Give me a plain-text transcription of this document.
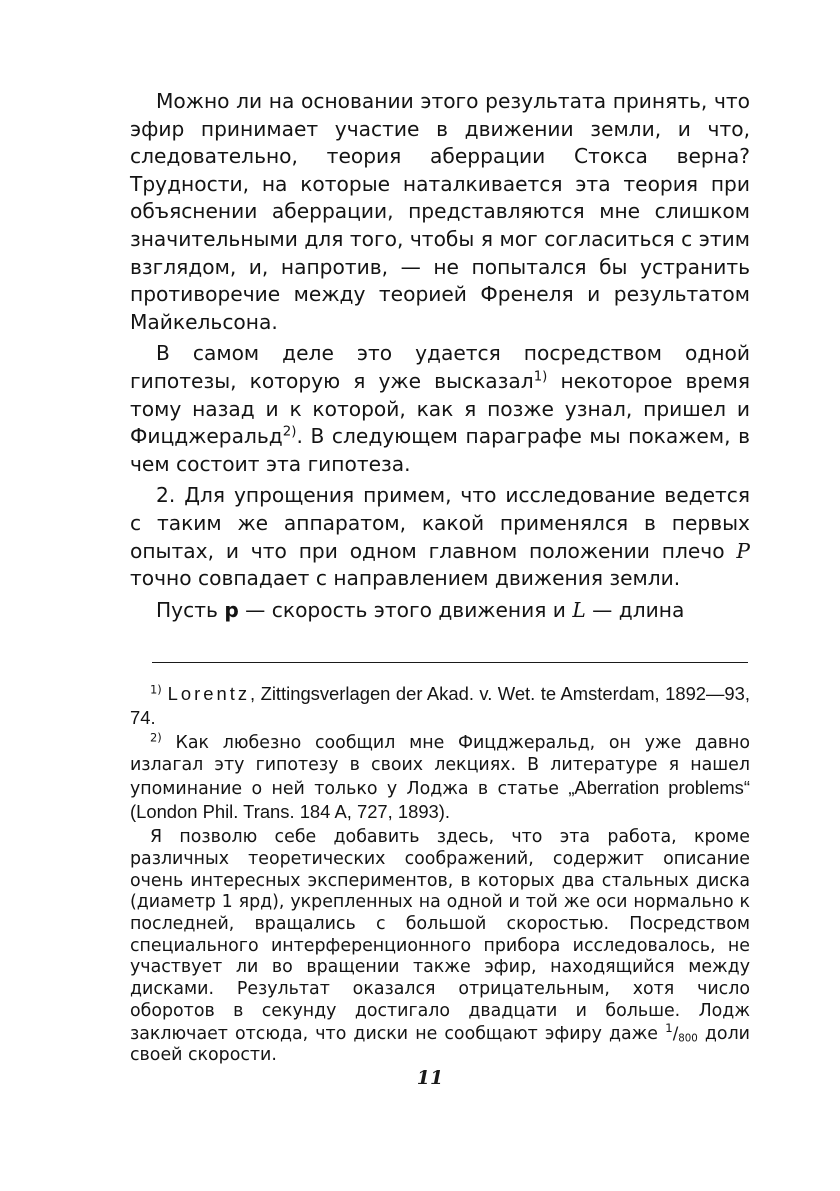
Можно ли на основании этого результата принять, что эфир принимает участие в движении земли, и что, следовательно, теория аберрации Стокса верна? Трудности, на которые наталкивается эта теория при объяснении аберрации, представляются мне слишком значительными для того, чтобы я мог согласиться с этим взглядом, и, напротив, — не попытался бы устранить противоречие между теорией Френеля и результатом Майкельсона.

В самом деле это удается посредством одной гипотезы, которую я уже высказал$^{1)}$ некоторое время тому назад и к которой, как я позже узнал, пришел и Фицджеральд$^{2)}$. В следующем параграфе мы покажем, в чем состоит эта гипотеза.

2. Для упрощения примем, что исследование ведется с таким же аппаратом, какой применялся в первых опытах, и что при одном главном положении плечо P точно совпадает с направлением движения земли.

Пусть p — скорость этого движения и L — длина

$^{1)}$ Lorentz, Zittingsverlagen der Akad. v. Wet. te Amsterdam, 1892—93, 74.

$^{2)}$ Как любезно сообщил мне Фицджеральд, он уже давно излагал эту гипотезу в своих лекциях. В литературе я нашел упоминание о ней только у Лоджа в статье „Aberration problems“ (London Phil. Trans. 184 A, 727, 1893).

Я позволю себе добавить здесь, что эта работа, кроме различных теоретических соображений, содержит описание очень интересных экспериментов, в которых два стальных диска (диаметр 1 ярд), укрепленных на одной и той же оси нормально к последней, вращались с большой скоростью. Посредством специального интерференционного прибора исследовалось, не участвует ли во вращении также эфир, находящийся между дисками. Результат оказался отрицательным, хотя число оборотов в секунду достигало двадцати и больше. Лодж заключает отсюда, что диски не сообщают эфиру даже $^1/_{800}$ доли своей скорости.

11
